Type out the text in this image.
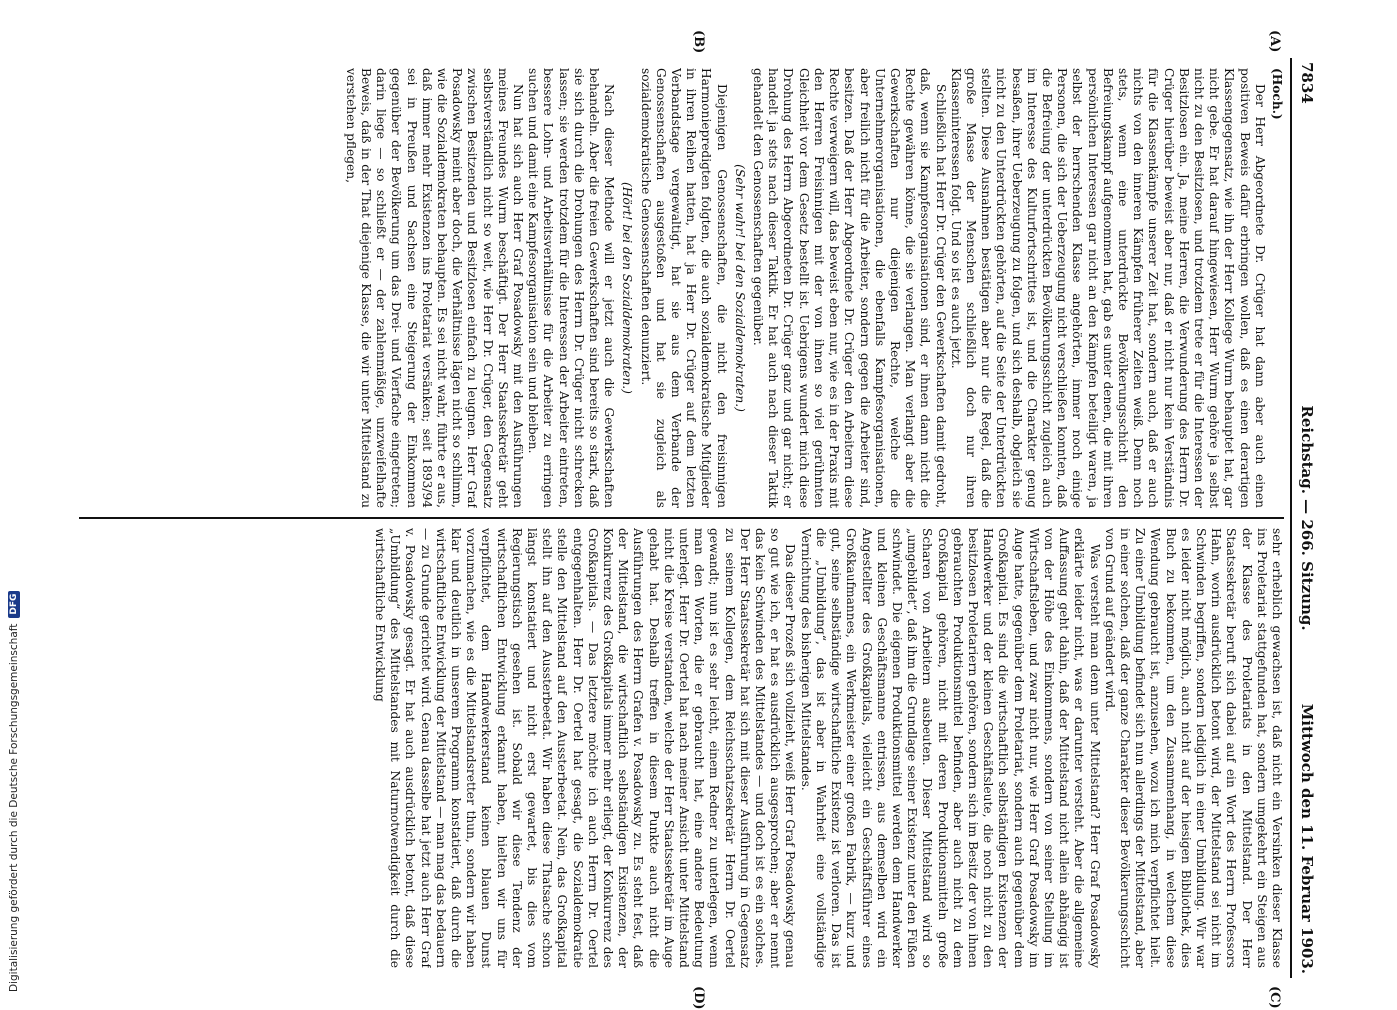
7834
Reichstag. — 266. Sitzung.
Mittwoch den 11. Februar 1903.
(A)
(B)
(C)
(D)

(Hoch.)

Der Herr Abgeordnete Dr. Crüger hat dann aber auch einen positiven Beweis dafür erbringen wollen, daß es einen derartigen Klassengegensatz, wie ihn der Herr Kollege Wurm behauptet hat, gar nicht gebe. Er hat darauf hingewiesen, Herr Wurm gehöre ja selbst nicht zu den Besitzlosen, und trotzdem trete er für die Interessen der Besitzlosen ein. Ja, meine Herren, die Verwunderung des Herrn Dr. Crüger hierüber beweist aber nur, daß er nicht nur kein Verständnis für die Klassenkämpfe unserer Zeit hat, sondern auch, daß er auch nichts von den inneren Kämpfen früherer Zeiten weiß. Denn noch stets, wenn eine unterdrückte Bevölkerungsschicht den Befreiungskampf aufgenommen hat, gab es unter denen, die mit ihren persönlichen Interessen gar nicht an den Kämpfen beteiligt waren, ja selbst der herrschenden Klasse angehörten, immer noch einige Personen, die sich der Ueberzeugung nicht verschließen konnten, daß die Befreiung der unterdrückten Bevölkerungsschicht zugleich auch im Interesse des Kulturfortschrittes ist, und die Charakter genug besaßen, ihrer Ueberzeugung zu folgen, und sich deshalb, obgleich sie nicht zu den Unterdrückten gehörten, auf die Seite der Unterdrückten stellten. Diese Ausnahmen bestätigen aber nur die Regel, daß die große Masse der Menschen schließlich doch nur ihren Klasseninteressen folgt. Und so ist es auch jetzt.

Schließlich hat Herr Dr. Crüger den Gewerkschaften damit gedroht, daß, wenn sie Kampfesorganisationen sind, er ihnen dann nicht die Rechte gewähren könne, die sie verlangen. Man verlangt aber die Gewerkschaften nur diejenigen Rechte, welche die Unternehmerorganisationen, die ebenfalls Kampfesorganisationen, aber freilich nicht für die Arbeiter, sondern gegen die Arbeiter sind, besitzen. Daß der Herr Abgeordnete Dr. Crüger den Arbeitern diese Rechte verweigern will, das beweist eben nur, wie es in der Praxis mit den Herren Freisinnigen mit der von ihnen so viel gerühmten Gleichheit vor dem Gesetz bestellt ist. Uebrigens wundert mich diese Drohung des Herrn Abgeordneten Dr. Crüger ganz und gar nicht; er handelt ja stets nach dieser Taktik. Er hat auch nach dieser Taktik gehandelt den Genossenschaften gegenüber.

(Sehr wahr! bei den Sozialdemokraten.)

Diejenigen Genossenschaften, die nicht den freisinnigen Harmoniepredigten folgten, die auch sozialdemokratische Mitglieder in ihren Reihen hatten, hat ja Herr Dr. Crüger auf dem letzten Verbandstage vergewaltigt, hat sie aus dem Verbande der Genossenschaften ausgestoßen und hat sie zugleich als sozialdemokratische Genossenschaften denunziert.

(Hört! bei den Sozialdemokraten.)

Nach dieser Methode will er jetzt auch die Gewerkschaften behandeln. Aber die freien Gewerkschaften sind bereits so stark, daß sie sich durch die Drohungen des Herrn Dr. Crüger nicht schrecken lassen; sie werden trotzdem für die Interessen der Arbeiter eintreten, bessere Lohn- und Arbeitsverhältnisse für die Arbeiter zu erringen suchen und damit eine Kampfesorganisation sein und bleiben.

Nun hat sich auch Herr Graf Posadowsky mit den Ausführungen meines Freundes Wurm beschäftigt. Der Herr Staatssekretär geht selbstverständlich nicht so weit, wie Herr Dr. Crüger, den Gegensatz zwischen Besitzenden und Besitzlosen einfach zu leugnen. Herr Graf Posadowsky meint aber doch, die Verhältnisse lägen nicht so schlimm, wie die Sozialdemokraten behaupten. Es sei nicht wahr, führte er aus, daß immer mehr Existenzen ins Proletariat versänken; seit 1893/94 sei in Preußen und Sachsen eine Steigerung der Einkommen gegenüber der Bevölkerung um das Drei- und Vierfache eingetreten; darin liege — so schließt er — der zahlenmäßige, unzweifelhafte Beweis, daß in der That diejenige Klasse, die wir unter Mittelstand zu verstehen pflegen,

sehr erheblich gewachsen ist, daß nicht ein Versinken dieser Klasse ins Proletariat stattgefunden hat, sondern umgekehrt ein Steigen aus der Klasse des Proletariats in den Mittelstand. Der Herr Staatssekretär beruft sich dabei auf ein Wort des Herrn Professors Hahn, worin ausdrücklich betont wird, der Mittelstand sei nicht im Schwinden begriffen, sondern lediglich in einer Umbildung. Wir war es leider nicht möglich, auch nicht auf der hiesigen Bibliothek, dies Buch zu bekommen, um den Zusammenhang, in welchem diese Wendung gebraucht ist, anzusehen, wozu ich mich verpflichtet hielt. Zu einer Umbildung befindet sich nun allerdings der Mittelstand, aber in einer solchen, daß der ganze Charakter dieser Bevölkerungsschicht von Grund auf geändert wird.

Was versteht man denn unter Mittelstand? Herr Graf Posadowsky erklärte leider nicht, was er darunter versteht. Aber die allgemeine Auffassung geht dahin, daß der Mittelstand nicht allein abhängig ist von der Höhe des Einkommens, sondern von seiner Stellung im Wirtschaftsleben, und zwar nicht nur, wie Herr Graf Posadowsky im Auge hatte, gegenüber dem Proletariat, sondern auch gegenüber dem Großkapital. Es sind die wirtschaftlich selbständigen Existenzen der Handwerker und der kleinen Geschäftsleute, die noch nicht zu den besitzlosen Proletariern gehören, sondern sich im Besitz der von ihnen gebrauchten Produktionsmittel befinden, aber auch nicht zu dem Großkapital gehören, nicht mit deren Produktionsmitteln große Scharen von Arbeitern ausbeuten. Dieser Mittelstand wird so „umgebildet“, daß ihm die Grundlage seiner Existenz unter den Füßen schwindet. Die eigenen Produktionsmittel werden dem Handwerker und kleinen Geschäftsmanne entrissen, aus demselben wird ein Angestellter des Großkapitals, vielleicht ein Geschäftsführer eines Großkaufmannes, ein Werkmeister einer großen Fabrik, — kurz und gut, seine selbständige wirtschaftliche Existenz ist verloren. Das ist die „Umbildung“, das ist aber in Wahrheit eine vollständige Vernichtung des bisherigen Mittelstandes.

Das dieser Prozeß sich vollzieht, weiß Herr Graf Posadowsky genau so gut wie ich, er hat es ausdrücklich ausgesprochen; aber er nennt das kein Schwinden des Mittelstandes — und doch ist es ein solches. Der Herr Staatssekretär hat sich mit dieser Ausführung in Gegensatz zu seinem Kollegen, dem Reichsschatzsekretär Herrn Dr. Oertel gewandt; nun ist es sehr leicht, einem Redner zu unterlegen, wenn man den Worten, die er gebraucht hat, eine andere Bedeutung unterlegt. Herr Dr. Oertel hat nach meiner Ansicht unter Mittelstand nicht die Kreise verstanden, welche der Herr Staatssekretär im Auge gehabt hat. Deshalb treffen in diesem Punkte auch nicht die Ausführungen des Herrn Grafen v. Posadowsky zu. Es steht fest, daß der Mittelstand, die wirtschaftlich selbständigen Existenzen, der Konkurrenz des Großkapitals immer mehr erliegt, der Konkurrenz des Großkapitals. — Das letztere möchte ich auch Herrn Dr. Oertel entgegenhalten. Herr Dr. Oertel hat gesagt, die Sozialdemokratie stelle den Mittelstand auf den Aussterbeetat. Nein, das Großkapital stellt ihn auf den Aussterbeetat. Wir haben diese Thatsache schon längst konstatiert und nicht erst gewartet, bis dies vom Regierungstisch gesehen ist. Sobald wir diese Tendenz der wirtschaftlichen Entwicklung erkannt haben, hielten wir uns für verpflichtet, dem Handwerkerstand keinen blauen Dunst vorzumachen, wie es die Mittelstandsretter thun, sondern wir haben klar und deutlich in unserem Programm konstatiert, daß durch die wirtschaftliche Entwicklung der Mittelstand — man mag das bedauern — zu Grunde gerichtet wird. Genau dasselbe hat jetzt auch Herr Graf v. Posadowsky gesagt. Er hat auch ausdrücklich betont, daß diese „Umbildung“ des Mittelstandes mit Naturnotwendigkeit durch die wirtschaftliche Entwicklung

Digitalisierung gefördert durch die Deutsche Forschungsgemeinschaft
DFG
